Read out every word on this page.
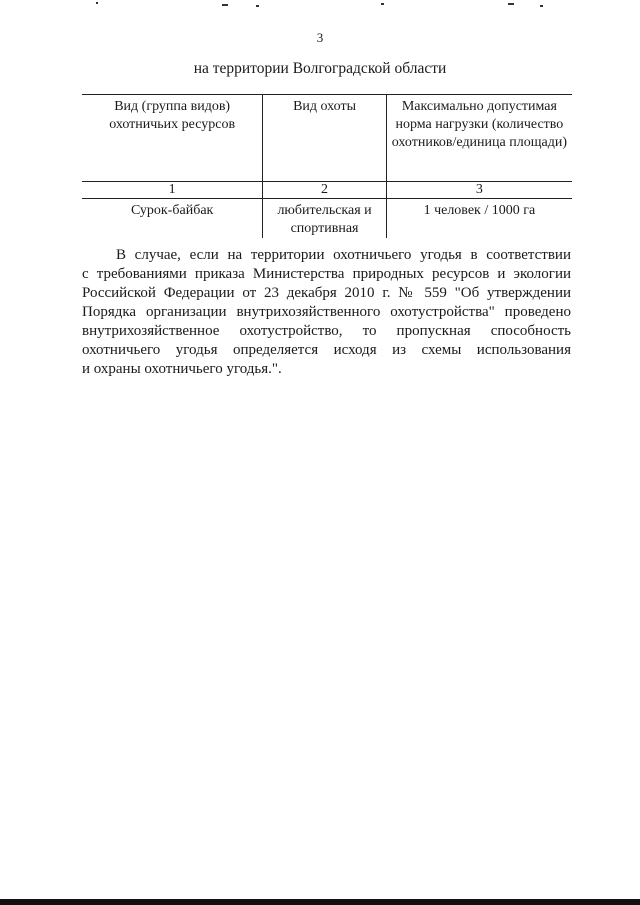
3
на территории Волгоградской области
Вид (группа видов) охотничьих ресурсов	Вид охоты	Максимально допустимая норма нагрузки (количество охотников/единица площади)
1	2	3
Сурок-байбак	любительская и спортивная	1 человек / 1000 га
В случае, если на территории охотничьего угодья в соответствии
с требованиями приказа Министерства природных ресурсов и экологии
Российской Федерации от 23 декабря 2010 г. № 559 "Об утверждении
Порядка организации внутрихозяйственного охотустройства" проведено
внутрихозяйственное охотустройство, то пропускная способность
охотничьего угодья определяется исходя из схемы использования
и охраны охотничьего угодья.".
